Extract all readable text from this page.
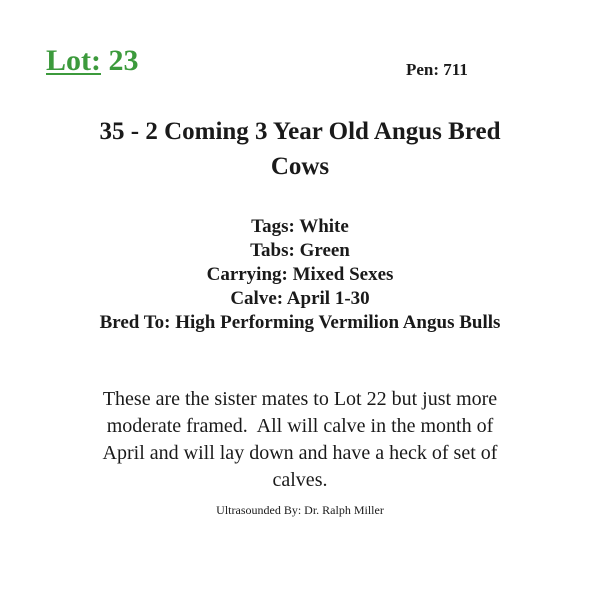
Lot: 23	Pen: 711
35 - 2 Coming 3 Year Old Angus Bred
Cows
Tags: White
Tabs: Green
Carrying: Mixed Sexes
Calve: April 1-30
Bred To: High Performing Vermilion Angus Bulls
These are the sister mates to Lot 22 but just more
moderate framed.  All will calve in the month of
April and will lay down and have a heck of set of
calves.
Ultrasounded By: Dr. Ralph Miller
